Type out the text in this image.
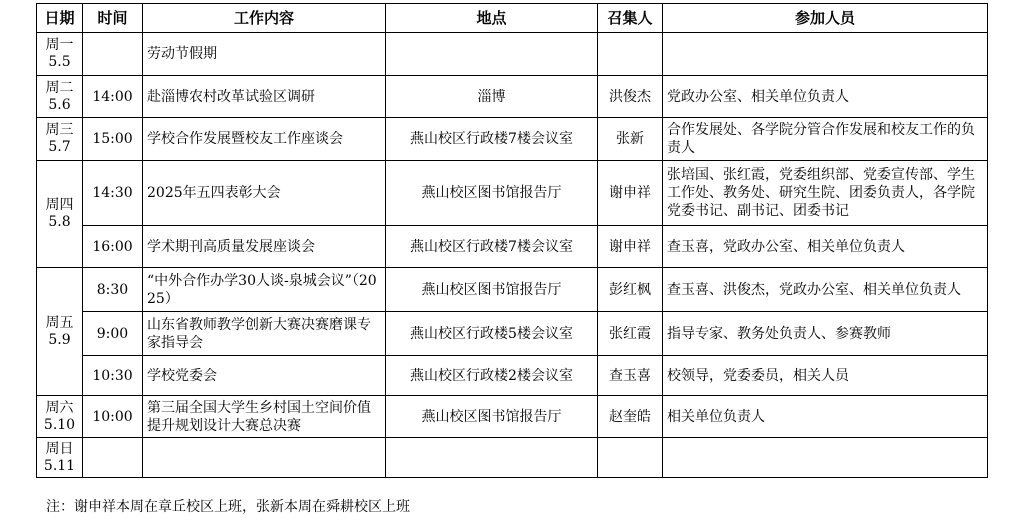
日期	时间	工作内容	地点	召集人	参加人员

周一
5.5		劳动节假期			

周二
5.6	14:00	赴淄博农村改革试验区调研	淄博	洪俊杰	党政办公室、相关单位负责人

周三
5.7	15:00	学校合作发展暨校友工作座谈会	燕山校区行政楼7楼会议室	张新	合作发展处、各学院分管合作发展和校友工作的负责人

周四
5.8	14:30	2025年五四表彰大会	燕山校区图书馆报告厅	谢申祥	张培国、张红霞，党委组织部、党委宣传部、学生工作处、教务处、研究生院、团委负责人，各学院党委书记、副书记、团委书记
	16:00	学术期刊高质量发展座谈会	燕山校区行政楼7楼会议室	谢申祥	查玉喜，党政办公室、相关单位负责人

周五
5.9	8:30	“中外合作办学30人谈-泉城会议”（2025）	燕山校区图书馆报告厅	彭红枫	查玉喜、洪俊杰，党政办公室、相关单位负责人
	9:00	山东省教师教学创新大赛决赛磨课专家指导会	燕山校区行政楼5楼会议室	张红霞	指导专家、教务处负责人、参赛教师
	10:30	学校党委会	燕山校区行政楼2楼会议室	查玉喜	校领导，党委委员，相关人员

周六
5.10	10:00	第三届全国大学生乡村国土空间价值提升规划设计大赛总决赛	燕山校区图书馆报告厅	赵奎皓	相关单位负责人

周日
5.11					

注：谢申祥本周在章丘校区上班，张新本周在舜耕校区上班
